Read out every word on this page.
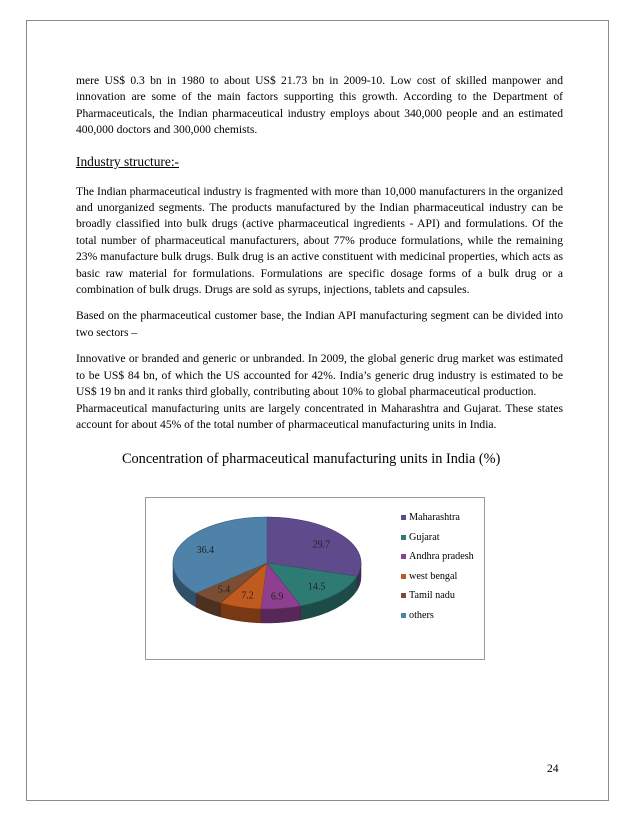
mere US$ 0.3 bn in 1980 to about US$ 21.73 bn in 2009-10. Low cost of skilled manpower and innovation are some of the main factors supporting this growth. According to the Department of Pharmaceuticals, the Indian pharmaceutical industry employs about 340,000 people and an estimated 400,000 doctors and 300,000 chemists.

Industry structure:-

The Indian pharmaceutical industry is fragmented with more than 10,000 manufacturers in the organized and unorganized segments. The products manufactured by the Indian pharmaceutical industry can be broadly classified into bulk drugs (active pharmaceutical ingredients - API) and formulations. Of the total number of pharmaceutical manufacturers, about 77% produce formulations, while the remaining 23% manufacture bulk drugs. Bulk drug is an active constituent with medicinal properties, which acts as basic raw material for formulations. Formulations are specific dosage forms of a bulk drug or a combination of bulk drugs. Drugs are sold as syrups, injections, tablets and capsules.

Based on the pharmaceutical customer base, the Indian API manufacturing segment can be divided into two sectors –

Innovative or branded and generic or unbranded. In 2009, the global generic drug market was estimated to be US$ 84 bn, of which the US accounted for 42%. India’s generic drug industry is estimated to be US$ 19 bn and it ranks third globally, contributing about 10% to global pharmaceutical production.

Pharmaceutical manufacturing units are largely concentrated in Maharashtra and Gujarat. These states account for about 45% of the total number of pharmaceutical manufacturing units in India.

Concentration of pharmaceutical manufacturing units in India (%)
29.7
14.5
6.9
7.2
5.4
36.4
Maharashtra
Gujarat
Andhra pradesh
west bengal
Tamil nadu
others
24
